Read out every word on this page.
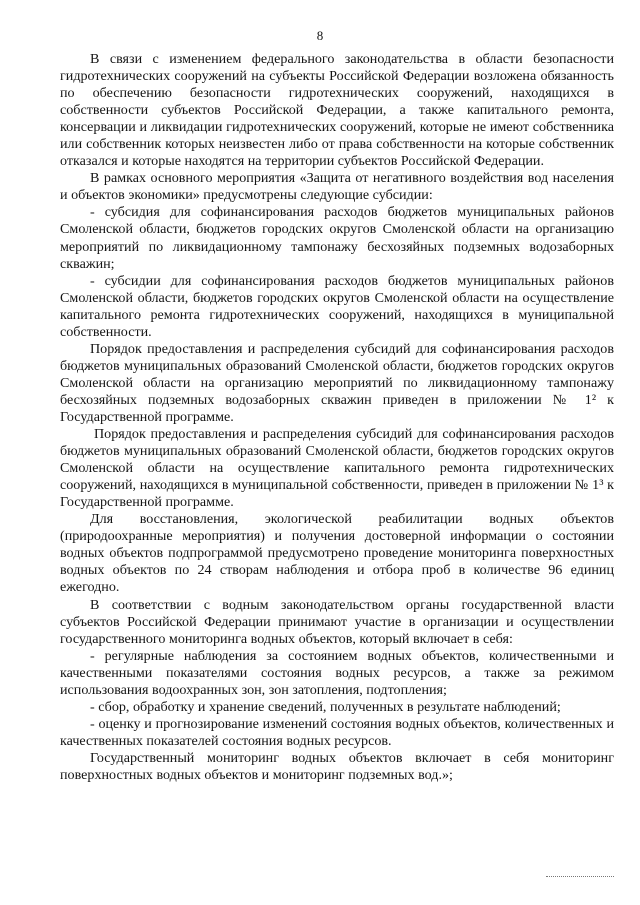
8

В связи с изменением федерального законодательства в области безопасности гидротехнических сооружений на субъекты Российской Федерации возложена обязанность по обеспечению безопасности гидротехнических сооружений, находящихся в собственности субъектов Российской Федерации, а также капитального ремонта, консервации и ликвидации гидротехнических сооружений, которые не имеют собственника или собственник которых неизвестен либо от права собственности на которые собственник отказался и которые находятся на территории субъектов Российской Федерации.

В рамках основного мероприятия «Защита от негативного воздействия вод населения и объектов экономики» предусмотрены следующие субсидии:

- субсидия для софинансирования расходов бюджетов муниципальных районов Смоленской области, бюджетов городских округов Смоленской области на организацию мероприятий по ликвидационному тампонажу бесхозяйных подземных водозаборных скважин;

- субсидии для софинансирования расходов бюджетов муниципальных районов Смоленской области, бюджетов городских округов Смоленской области на осуществление капитального ремонта гидротехнических сооружений, находящихся в муниципальной собственности.

Порядок предоставления и распределения субсидий для софинансирования расходов бюджетов муниципальных образований Смоленской области, бюджетов городских округов Смоленской области на организацию мероприятий по ликвидационному тампонажу бесхозяйных подземных водозаборных скважин приведен в приложении № 1² к Государственной программе.

Порядок предоставления и распределения субсидий для софинансирования расходов бюджетов муниципальных образований Смоленской области, бюджетов городских округов Смоленской области на осуществление капитального ремонта гидротехнических сооружений, находящихся в муниципальной собственности, приведен в приложении № 1³ к Государственной программе.

Для восстановления, экологической реабилитации водных объектов (природоохранные мероприятия) и получения достоверной информации о состоянии водных объектов подпрограммой предусмотрено проведение мониторинга поверхностных водных объектов по 24 створам наблюдения и отбора проб в количестве 96 единиц ежегодно.

В соответствии с водным законодательством органы государственной власти субъектов Российской Федерации принимают участие в организации и осуществлении государственного мониторинга водных объектов, который включает в себя:

- регулярные наблюдения за состоянием водных объектов, количественными и качественными показателями состояния водных ресурсов, а также за режимом использования водоохранных зон, зон затопления, подтопления;

- сбор, обработку и хранение сведений, полученных в результате наблюдений;

- оценку и прогнозирование изменений состояния водных объектов, количественных и качественных показателей состояния водных ресурсов.

Государственный мониторинг водных объектов включает в себя мониторинг поверхностных водных объектов и мониторинг подземных вод.»;
